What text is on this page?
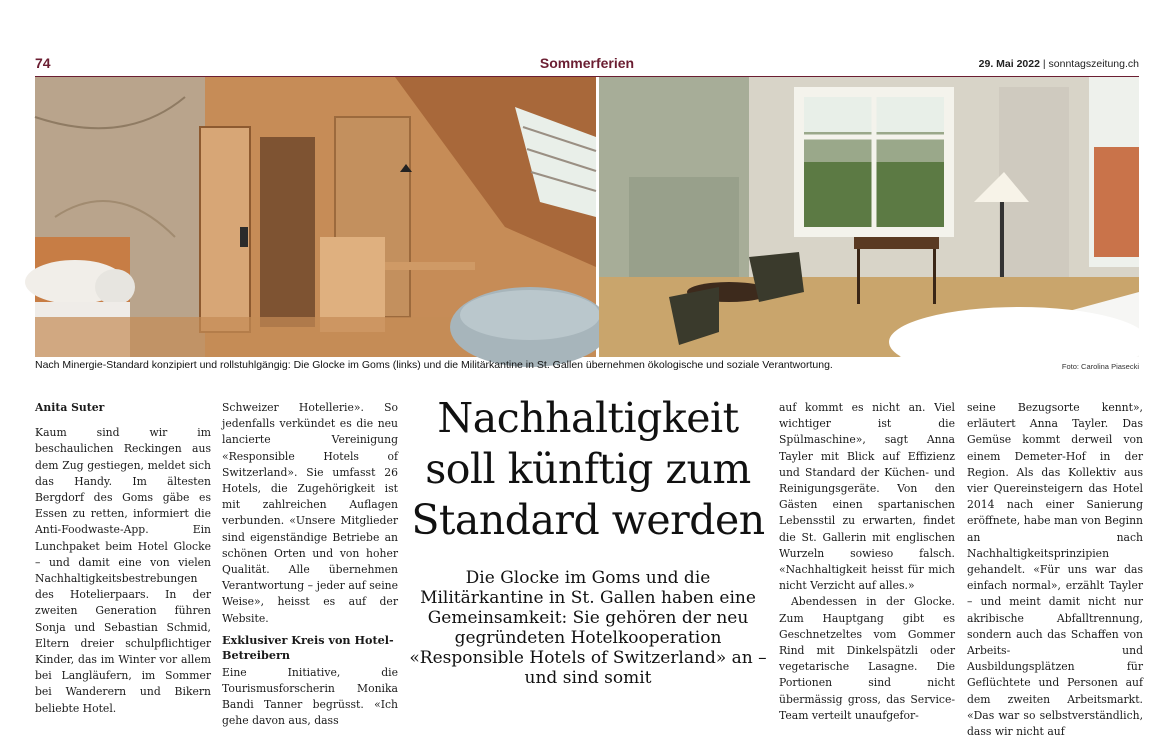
74	Sommerferien	29. Mai 2022 | sonntagszeitung.ch
Nach Minergie-Standard konzipiert und rollstuhlgängig: Die Glocke im Goms (links) und die Militärkantine in St. Gallen übernehmen ökologische und soziale Verantwortung.	Foto: Carolina Piasecki

Anita Suter

Kaum sind wir im beschaulichen Reckingen aus dem Zug gestiegen, meldet sich das Handy. Im ältesten Bergdorf des Goms gäbe es Essen zu retten, informiert die Anti-Foodwaste-App. Ein Lunchpaket beim Hotel Glocke – und damit eine von vielen Nachhaltigkeitsbestrebungen des Hotelierpaars. In der zweiten Generation führen Sonja und Sebastian Schmid, Eltern dreier schulpflichtiger Kinder, das im Winter vor allem bei Langläufern, im Sommer bei Wanderern und Bikern beliebte Hotel.

Schweizer Hotellerie». So jedenfalls verkündet es die neu lancierte Vereinigung «Responsible Hotels of Switzerland». Sie umfasst 26 Hotels, die Zugehörigkeit ist mit zahlreichen Auflagen verbunden. «Unsere Mitglieder sind eigenständige Betriebe an schönen Orten und von hoher Qualität. Alle übernehmen Verantwortung – jeder auf seine Weise», heisst es auf der Website.

Exklusiver Kreis von Hotel-Betreibern

Eine Initiative, die Tourismusforscherin Monika Bandi Tanner begrüsst. «Ich gehe davon aus, dass

Nachhaltigkeit soll künftig zum Standard werden

Die Glocke im Goms und die Militärkantine in St. Gallen haben eine Gemeinsamkeit: Sie gehören der neu gegründeten Hotelkooperation «Responsible Hotels of Switzerland» an – und sind somit

auf kommt es nicht an. Viel wichtiger ist die Spülmaschine», sagt Anna Tayler mit Blick auf Effizienz und Standard der Küchen- und Reinigungsgeräte. Von den Gästen einen spartanischen Lebensstil zu erwarten, findet die St. Gallerin mit englischen Wurzeln sowieso falsch. «Nachhaltigkeit heisst für mich nicht Verzicht auf alles.»

Abendessen in der Glocke. Zum Hauptgang gibt es Geschnetzeltes vom Gommer Rind mit Dinkelspätzli oder vegetarische Lasagne. Die Portionen sind nicht übermässig gross, das Service-Team verteilt unaufgefor-

seine Bezugsorte kennt», erläutert Anna Tayler. Das Gemüse kommt derweil von einem Demeter-Hof in der Region. Als das Kollektiv aus vier Quereinsteigern das Hotel 2014 nach einer Sanierung eröffnete, habe man von Beginn an nach Nachhaltigkeitsprinzipien gehandelt. «Für uns war das einfach normal», erzählt Tayler – und meint damit nicht nur akribische Abfalltrennung, sondern auch das Schaffen von Arbeits- und Ausbildungsplätzen für Geflüchtete und Personen auf dem zweiten Arbeitsmarkt. «Das war so selbstverständlich, dass wir nicht auf
